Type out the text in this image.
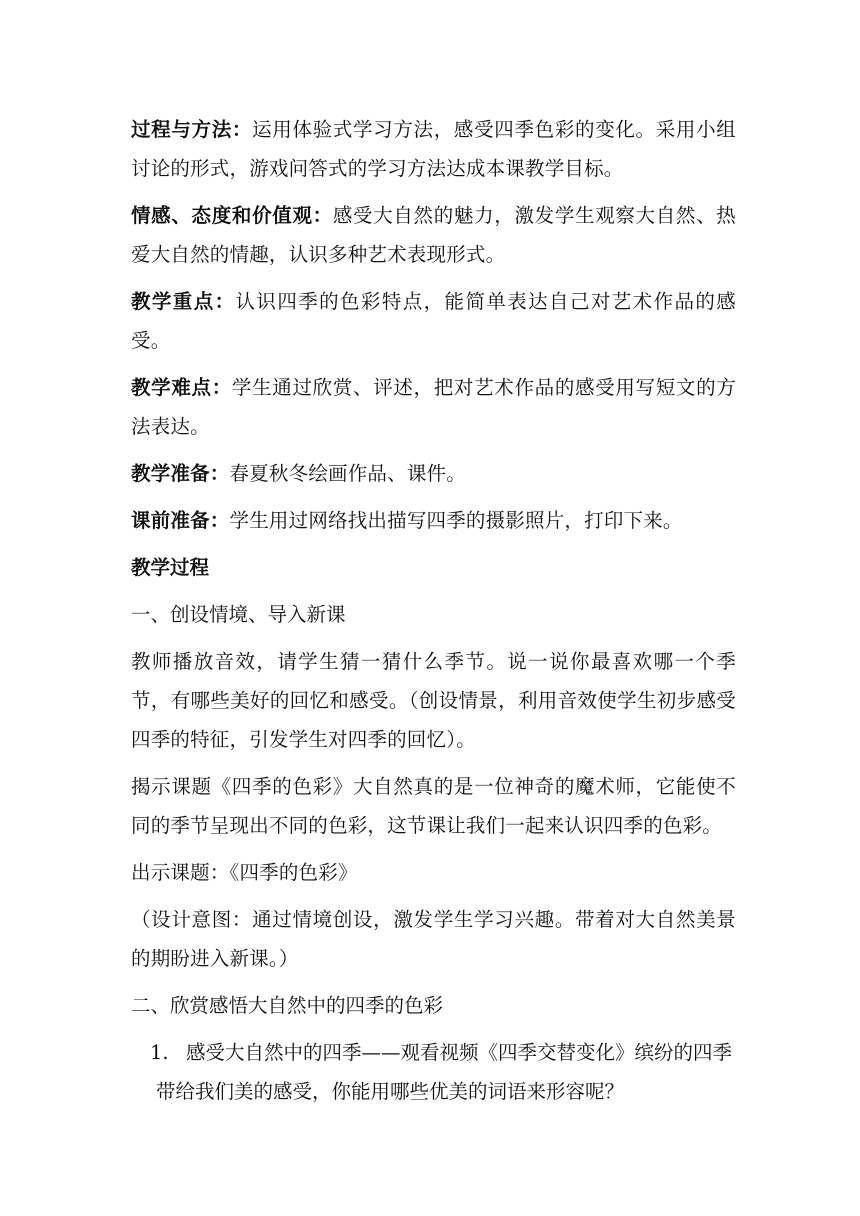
过程与方法：运用体验式学习方法，感受四季色彩的变化。采用小组讨论的形式，游戏问答式的学习方法达成本课教学目标。

情感、态度和价值观：感受大自然的魅力，激发学生观察大自然、热爱大自然的情趣，认识多种艺术表现形式。

教学重点：认识四季的色彩特点，能简单表达自己对艺术作品的感受。

教学难点：学生通过欣赏、评述，把对艺术作品的感受用写短文的方法表达。

教学准备：春夏秋冬绘画作品、课件。

课前准备：学生用过网络找出描写四季的摄影照片，打印下来。

教学过程

一、创设情境、导入新课

教师播放音效，请学生猜一猜什么季节。说一说你最喜欢哪一个季节，有哪些美好的回忆和感受。（创设情景，利用音效使学生初步感受四季的特征，引发学生对四季的回忆）。

揭示课题《四季的色彩》大自然真的是一位神奇的魔术师，它能使不同的季节呈现出不同的色彩，这节课让我们一起来认识四季的色彩。

出示课题：《四季的色彩》

（设计意图：通过情境创设，激发学生学习兴趣。带着对大自然美景的期盼进入新课。）

二、欣赏感悟大自然中的四季的色彩

1. 感受大自然中的四季——观看视频《四季交替变化》缤纷的四季带给我们美的感受，你能用哪些优美的词语来形容呢？
